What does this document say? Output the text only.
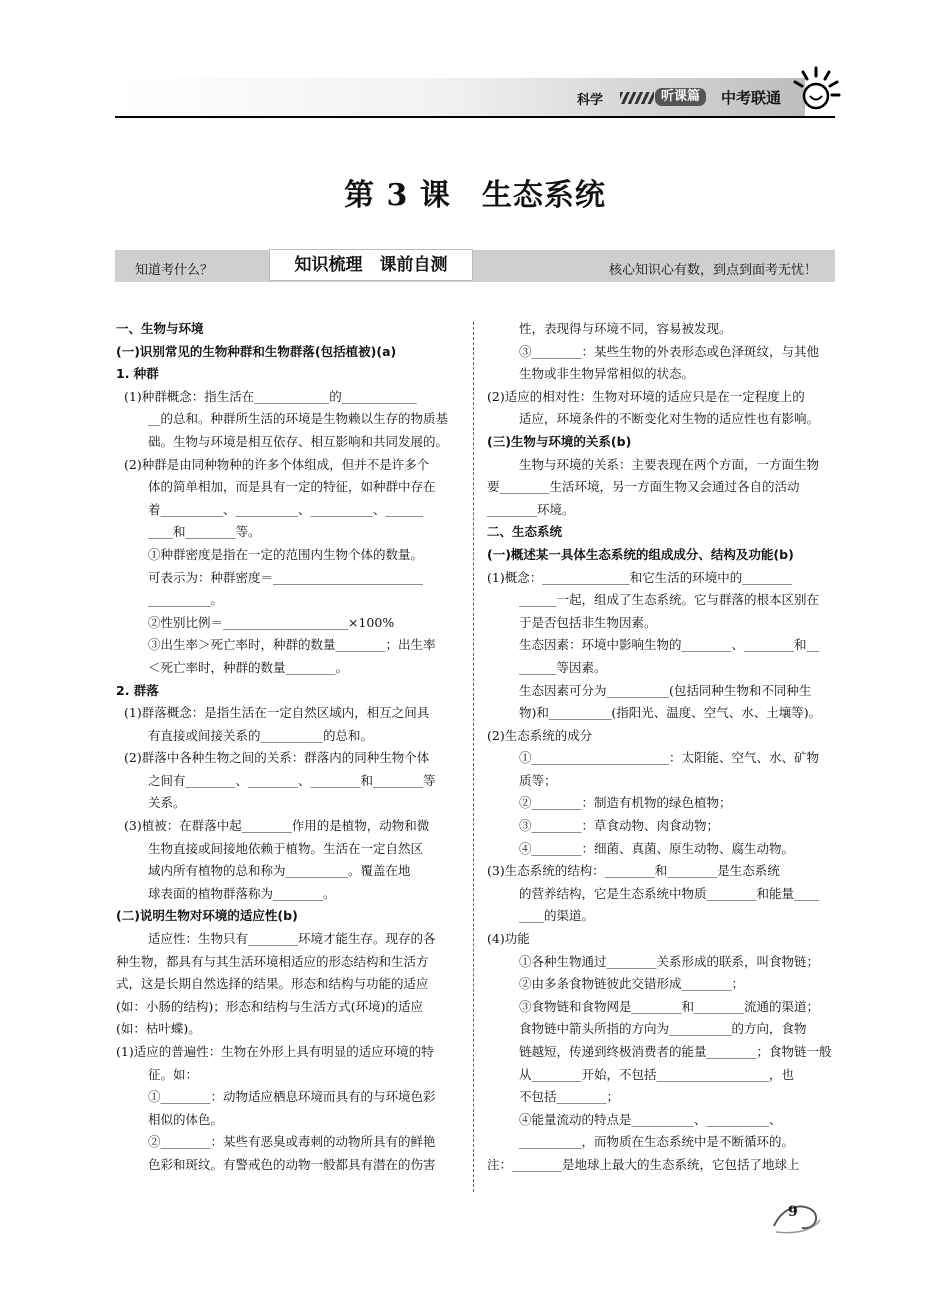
科学	听课篇	中考联通
第 3 课　生态系统
知道考什么？	知识梳理　课前自测	核心知识心有数，到点到面考无忧！

一、生物与环境

(一)识别常见的生物种群和生物群落(包括植被)(a)

1. 种群

(1)种群概念：指生活在____________的____________

__的总和。种群所生活的环境是生物赖以生存的物质基

础。生物与环境是相互依存、相互影响和共同发展的。

(2)种群是由同种物种的许多个体组成，但并不是许多个

体的简单相加，而是具有一定的特征，如种群中存在

着__________、__________、__________、______

____和________等。

①种群密度是指在一定的范围内生物个体的数量。

可表示为：种群密度＝________________________

__________。

②性别比例＝____________________×100%

③出生率＞死亡率时，种群的数量________；出生率

＜死亡率时，种群的数量________。

2. 群落

(1)群落概念：是指生活在一定自然区域内，相互之间具

有直接或间接关系的__________的总和。

(2)群落中各种生物之间的关系：群落内的同种生物个体

之间有________、________、________和________等

关系。

(3)植被：在群落中起________作用的是植物，动物和微

生物直接或间接地依赖于植物。生活在一定自然区

域内所有植物的总和称为__________。覆盖在地

球表面的植物群落称为________。

(二)说明生物对环境的适应性(b)

适应性：生物只有________环境才能生存。现存的各

种生物，都具有与其生活环境相适应的形态结构和生活方

式，这是长期自然选择的结果。形态和结构与功能的适应

(如：小肠的结构)；形态和结构与生活方式(环境)的适应

(如：枯叶蝶)。

(1)适应的普遍性：生物在外形上具有明显的适应环境的特

征。如：

①________：动物适应栖息环境而具有的与环境色彩

相似的体色。

②________：某些有恶臭或毒刺的动物所具有的鲜艳

色彩和斑纹。有警戒色的动物一般都具有潜在的伤害

性，表现得与环境不同，容易被发现。

③________：某些生物的外表形态或色泽斑纹，与其他

生物或非生物异常相似的状态。

(2)适应的相对性：生物对环境的适应只是在一定程度上的

适应，环境条件的不断变化对生物的适应性也有影响。

(三)生物与环境的关系(b)

生物与环境的关系：主要表现在两个方面，一方面生物

要________生活环境，另一方面生物又会通过各自的活动

________环境。

二、生态系统

(一)概述某一具体生态系统的组成成分、结构及功能(b)

(1)概念：______________和它生活的环境中的________

______一起，组成了生态系统。它与群落的根本区别在

于是否包括非生物因素。

生态因素：环境中影响生物的________、________和__

______等因素。

生态因素可分为__________(包括同种生物和不同种生

物)和__________(指阳光、温度、空气、水、土壤等)。

(2)生态系统的成分

①______________________：太阳能、空气、水、矿物

质等；

②________：制造有机物的绿色植物；

③________：草食动物、肉食动物；

④________：细菌、真菌、原生动物、腐生动物。

(3)生态系统的结构：________和________是生态系统

的营养结构，它是生态系统中物质________和能量____

____的渠道。

(4)功能

①各种生物通过________关系形成的联系，叫食物链；

②由多条食物链彼此交错形成________；

③食物链和食物网是________和________流通的渠道；

食物链中箭头所指的方向为__________的方向，食物

链越短，传递到终极消费者的能量________；食物链一般

从________开始，不包括__________________，也

不包括________；

④能量流动的特点是__________、__________、

__________，而物质在生态系统中是不断循环的。

注：________是地球上最大的生态系统，它包括了地球上

9
